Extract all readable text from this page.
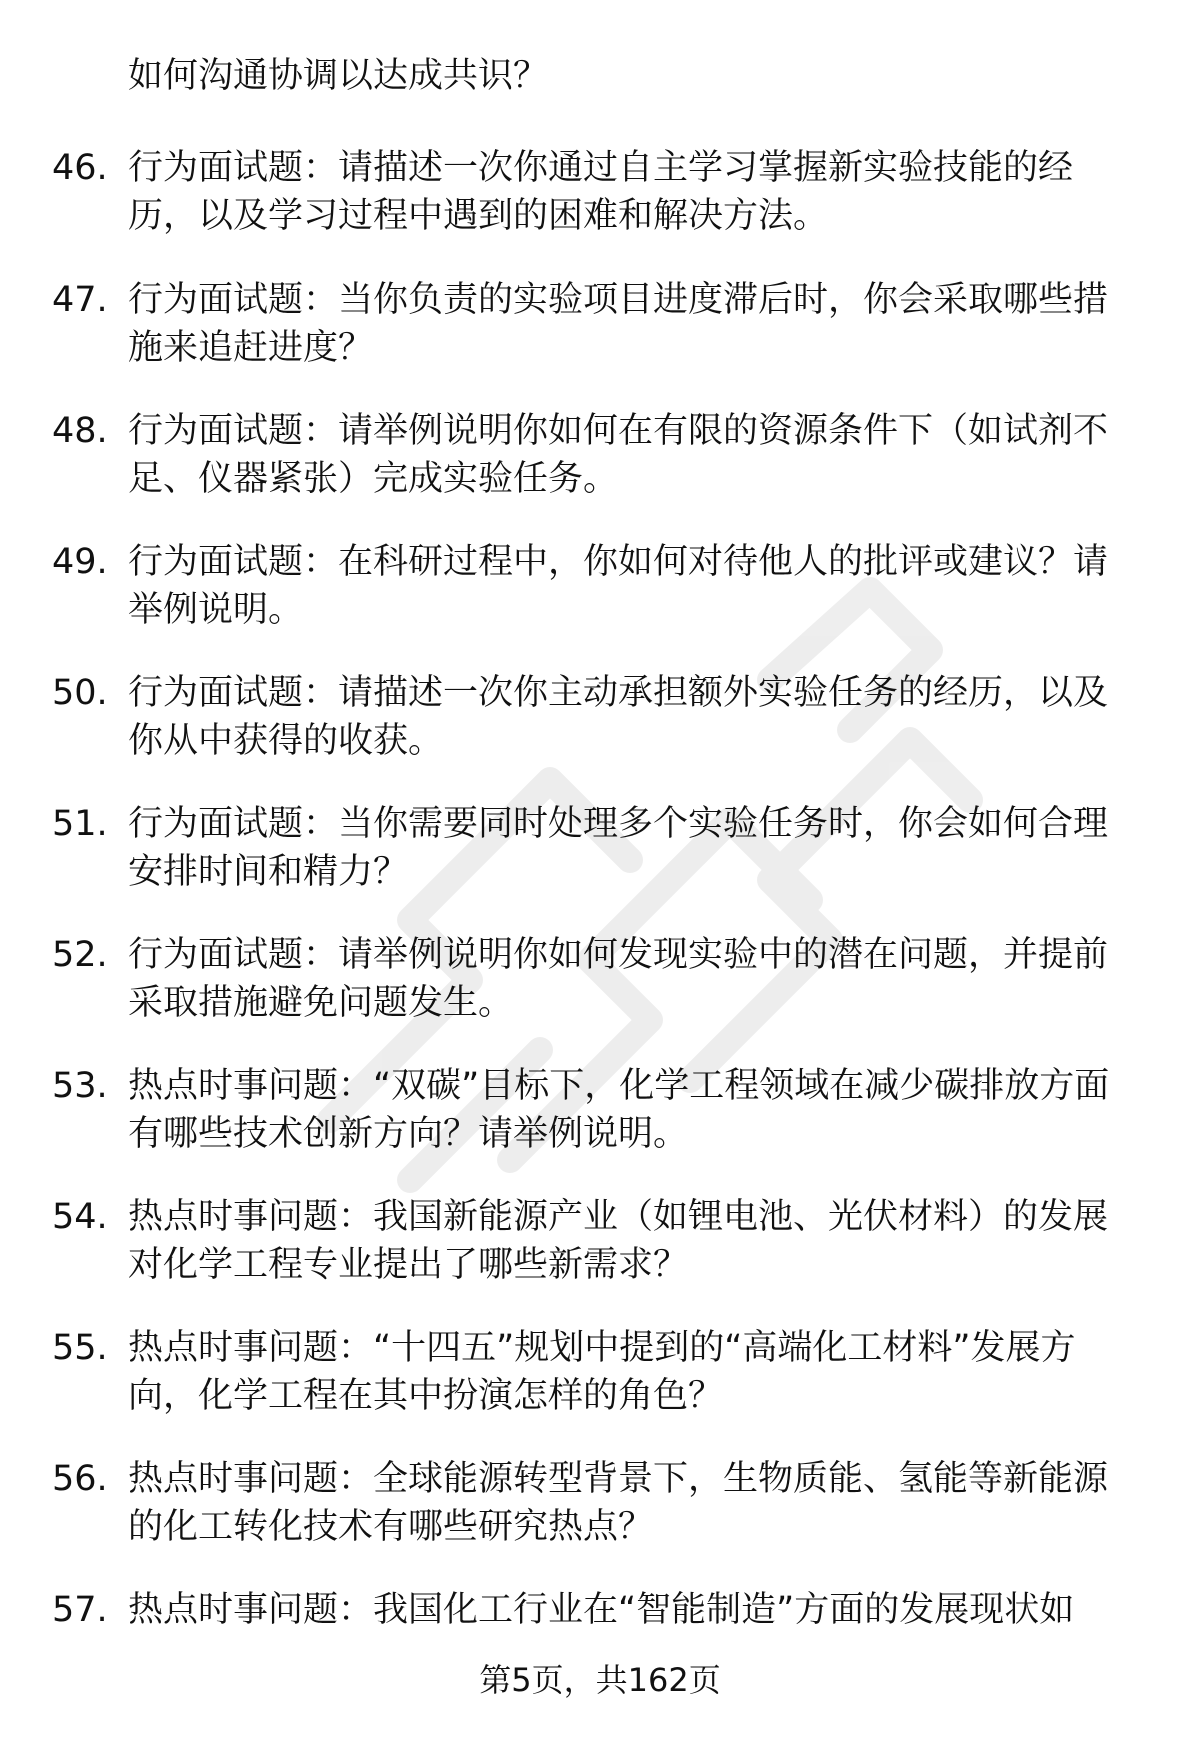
如何沟通协调以达成共识？
46. 行为面试题：请描述一次你通过自主学习掌握新实验技能的经历，以及学习过程中遇到的困难和解决方法。
47. 行为面试题：当你负责的实验项目进度滞后时，你会采取哪些措施来追赶进度？
48. 行为面试题：请举例说明你如何在有限的资源条件下（如试剂不足、仪器紧张）完成实验任务。
49. 行为面试题：在科研过程中，你如何对待他人的批评或建议？请举例说明。
50. 行为面试题：请描述一次你主动承担额外实验任务的经历，以及你从中获得的收获。
51. 行为面试题：当你需要同时处理多个实验任务时，你会如何合理安排时间和精力？
52. 行为面试题：请举例说明你如何发现实验中的潜在问题，并提前采取措施避免问题发生。
53. 热点时事问题：“双碳”目标下，化学工程领域在减少碳排放方面有哪些技术创新方向？请举例说明。
54. 热点时事问题：我国新能源产业（如锂电池、光伏材料）的发展对化学工程专业提出了哪些新需求？
55. 热点时事问题：“十四五”规划中提到的“高端化工材料”发展方向，化学工程在其中扮演怎样的角色？
56. 热点时事问题：全球能源转型背景下，生物质能、氢能等新能源的化工转化技术有哪些研究热点？
57. 热点时事问题：我国化工行业在“智能制造”方面的发展现状如
第5页，共162页
